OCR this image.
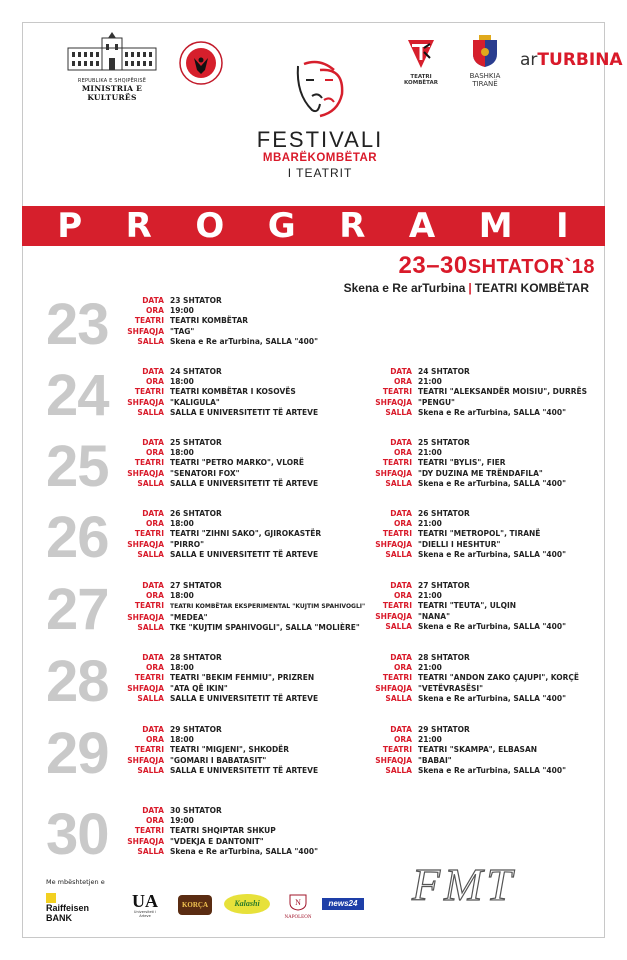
REPUBLIKA E SHQIPËRISË
MINISTRIA E KULTURËS
TEATRI KOMBËTAR
BASHKIA
TIRANË
arTURBINA
FESTIVALI
MBARËKOMBËTAR
I TEATRIT
P R O G R A M I
23–30SHTATOR`18
Skena e Re arTurbina | TEATRI KOMBËTAR
23	DATA 23 SHTATOR
ORA 19:00
TEATRI TEATRI KOMBËTAR
SHFAQJA "TAG"
SALLA Skena e Re arTurbina, SALLA "400"
24	DATA 24 SHTATOR
ORA 18:00
TEATRI TEATRI KOMBËTAR I KOSOVËS
SHFAQJA "KALIGULA"
SALLA SALLA E UNIVERSITETIT TË ARTEVE
DATA 24 SHTATOR
ORA 21:00
TEATRI TEATRI "ALEKSANDËR MOISIU", DURRËS
SHFAQJA "PENGU"
SALLA Skena e Re arTurbina, SALLA "400"
25	DATA 25 SHTATOR
ORA 18:00
TEATRI TEATRI "PETRO MARKO", VLORË
SHFAQJA "SENATORI FOX"
SALLA SALLA E UNIVERSITETIT TË ARTEVE
DATA 25 SHTATOR
ORA 21:00
TEATRI TEATRI "BYLIS", FIER
SHFAQJA "DY DUZINA ME TRËNDAFILA"
SALLA Skena e Re arTurbina, SALLA "400"
26	DATA 26 SHTATOR
ORA 18:00
TEATRI TEATRI "ZIHNI SAKO", GJIROKASTËR
SHFAQJA "PIRRO"
SALLA SALLA E UNIVERSITETIT TË ARTEVE
DATA 26 SHTATOR
ORA 21:00
TEATRI TEATRI "METROPOL", TIRANË
SHFAQJA "DIELLI I HESHTUR"
SALLA Skena e Re arTurbina, SALLA "400"
27	DATA 27 SHTATOR
ORA 18:00
TEATRI TEATRI KOMBËTAR EKSPERIMENTAL "KUJTIM SPAHIVOGLI"
SHFAQJA "MEDEA"
SALLA TKE "KUJTIM SPAHIVOGLI", SALLA "MOLIÈRE"
DATA 27 SHTATOR
ORA 21:00
TEATRI TEATRI "TEUTA", ULQIN
SHFAQJA "NANA"
SALLA Skena e Re arTurbina, SALLA "400"
28	DATA 28 SHTATOR
ORA 18:00
TEATRI TEATRI "BEKIM FEHMIU", PRIZREN
SHFAQJA "ATA QË IKIN"
SALLA SALLA E UNIVERSITETIT TË ARTEVE
DATA 28 SHTATOR
ORA 21:00
TEATRI TEATRI "ANDON ZAKO ÇAJUPI", KORÇË
SHFAQJA "VETËVRASËSI"
SALLA Skena e Re arTurbina, SALLA "400"
29	DATA 29 SHTATOR
ORA 18:00
TEATRI TEATRI "MIGJENI", SHKODËR
SHFAQJA "GOMARI I BABATASIT"
SALLA SALLA E UNIVERSITETIT TË ARTEVE
DATA 29 SHTATOR
ORA 21:00
TEATRI TEATRI "SKAMPA", ELBASAN
SHFAQJA "BABAI"
SALLA Skena e Re arTurbina, SALLA "400"
30	DATA 30 SHTATOR
ORA 19:00
TEATRI TEATRI SHQIPTAR SHKUP
SHFAQJA "VDEKJA E DANTONIT"
SALLA Skena e Re arTurbina, SALLA "400"
Me mbështetjen e
Raiffeisen
BANK
UA
Universiteti i Arteve
KORÇA	Kalashi	N
NAPOLEON
news24 FMT
